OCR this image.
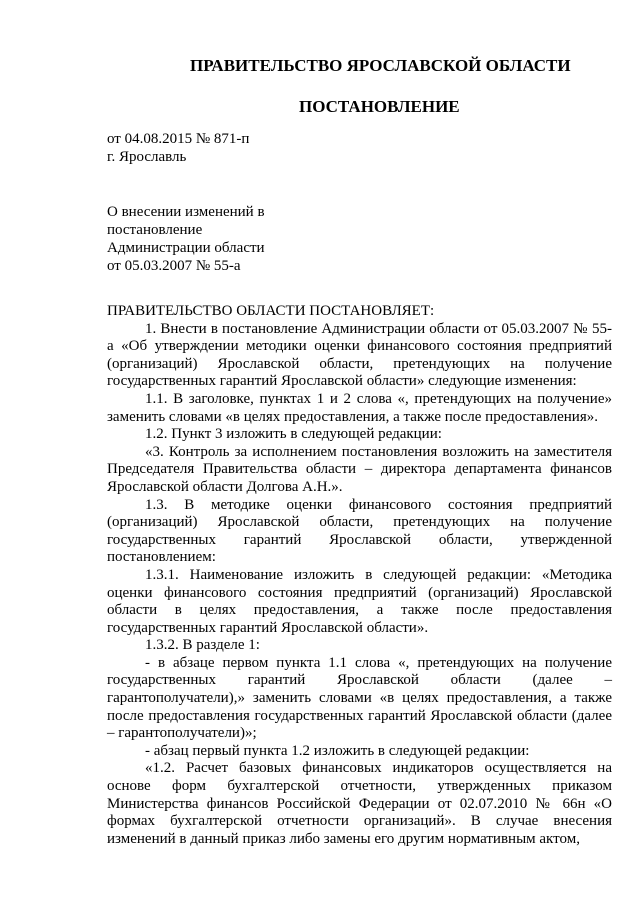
ПРАВИТЕЛЬСТВО ЯРОСЛАВСКОЙ ОБЛАСТИ
ПОСТАНОВЛЕНИЕ
от 04.08.2015 № 871-п
г. Ярославль
О внесении изменений в
постановление
Администрации области
от 05.03.2007 № 55-а

ПРАВИТЕЛЬСТВО ОБЛАСТИ ПОСТАНОВЛЯЕТ:

1. Внести в постановление Администрации области от 05.03.2007 № 55-а «Об утверждении методики оценки финансового состояния предприятий (организаций) Ярославской области, претендующих на получение государственных гарантий Ярославской области» следующие изменения:

1.1. В заголовке, пунктах 1 и 2 слова «, претендующих на получение» заменить словами «в целях предоставления, а также после предоставления».

1.2. Пункт 3 изложить в следующей редакции:

«3. Контроль за исполнением постановления возложить на заместителя Председателя Правительства области – директора департамента финансов Ярославской области Долгова А.Н.».

1.3. В методике оценки финансового состояния предприятий (организаций) Ярославской области, претендующих на получение государственных гарантий Ярославской области, утвержденной постановлением:

1.3.1. Наименование изложить в следующей редакции: «Методика оценки финансового состояния предприятий (организаций) Ярославской области в целях предоставления, а также после предоставления государственных гарантий Ярославской области».

1.3.2. В разделе 1:

- в абзаце первом пункта 1.1 слова «, претендующих на получение государственных гарантий Ярославской области (далее – гарантополучатели),» заменить словами «в целях предоставления, а также после предоставления государственных гарантий Ярославской области (далее – гарантополучатели)»;

- абзац первый пункта 1.2 изложить в следующей редакции:

«1.2. Расчет базовых финансовых индикаторов осуществляется на основе форм бухгалтерской отчетности, утвержденных приказом Министерства финансов Российской Федерации от 02.07.2010 № 66н «О формах бухгалтерской отчетности организаций». В случае внесения изменений в данный приказ либо замены его другим нормативным актом,
